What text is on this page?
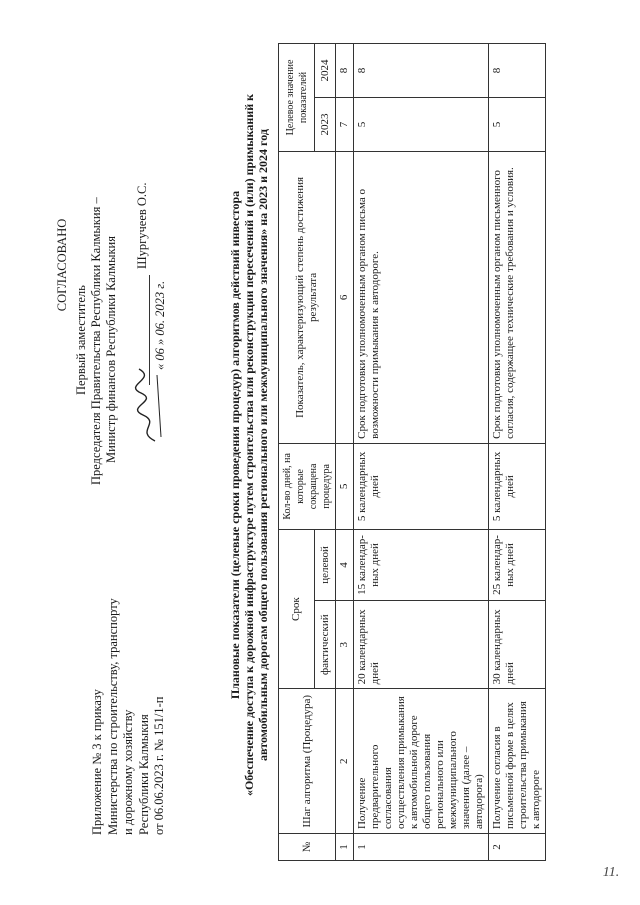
11.
Приложение № 3 к приказу Министерства по строительству, транспорту и дорожному хозяйству Республики Калмыкия от 06.06.2023 г. № 151/1-п
СОГЛАСОВАНО
Первый заместитель Председателя Правительства Республики Калмыкия – Министр финансов Республики Калмыкия
Шургучеев О.С.
« 06 » 06. 2023 г.	Плановые показатели (целевые сроки проведения процедур) алгоритмов действий инвестора «Обеспечение доступа к дорожной инфраструктуре путем строительства или реконструкции пересечений и (или) примыканий к автомобильным дорогам общего пользования регионального или межмуниципального значения» на 2023 и 2024 год
№	Шаг алгоритма (Процедура)	Срок		Кол-во дней, на которые сокращена процедура	Показатель, характеризующий степень достижения результата	Целевое значение показателей	
		фактический	целевой			2023	2024
1	2	3	4	5	6	7	8
1	Получение предварительного согласования осуществления примыкания к автомобильной дороге общего пользования регионального или межмуниципального значения (далее – автодорога)	20 календарных дней	15 календар-ных дней	5 календарных дней	Срок подготовки уполномоченным органом письма о возможности примыкания к автодороге.	5	8
2	Получение согласия в письменной форме в целях строительства примыкания к автодороге	30 календарных дней	25 календар-ных дней	5 календарных дней	Срок подготовки уполномоченным органом письменного согласия, содержащее технические требования и условия.	5	8
